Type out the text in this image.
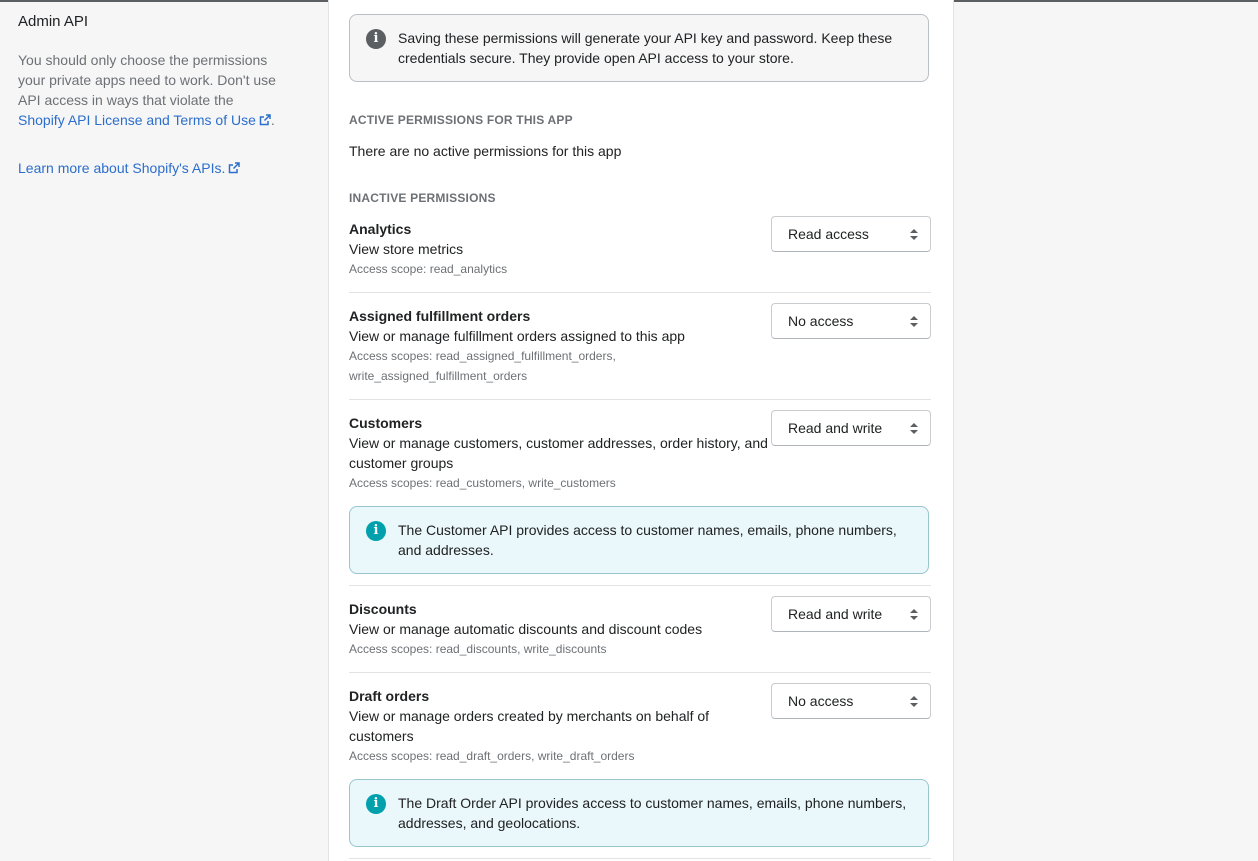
Admin API

You should only choose the permissions your private apps need to work. Don't use API access in ways that violate the Shopify API License and Terms of Use .

Learn more about Shopify's APIs.
i	Saving these permissions will generate your API key and password. Keep these credentials secure. They provide open API access to your store.
ACTIVE PERMISSIONS FOR THIS APP
There are no active permissions for this app
INACTIVE PERMISSIONS
Analytics
View store metrics
Access scope: read_analytics
Read access
Assigned fulfillment orders
View or manage fulfillment orders assigned to this app
Access scopes: read_assigned_fulfillment_orders, write_assigned_fulfillment_orders
No access
Customers
View or manage customers, customer addresses, order history, and customer groups
Access scopes: read_customers, write_customers
Read and write
i	The Customer API provides access to customer names, emails, phone numbers, and addresses.
Discounts
View or manage automatic discounts and discount codes
Access scopes: read_discounts, write_discounts
Read and write
Draft orders
View or manage orders created by merchants on behalf of customers
Access scopes: read_draft_orders, write_draft_orders
No access
i	The Draft Order API provides access to customer names, emails, phone numbers, addresses, and geolocations.
